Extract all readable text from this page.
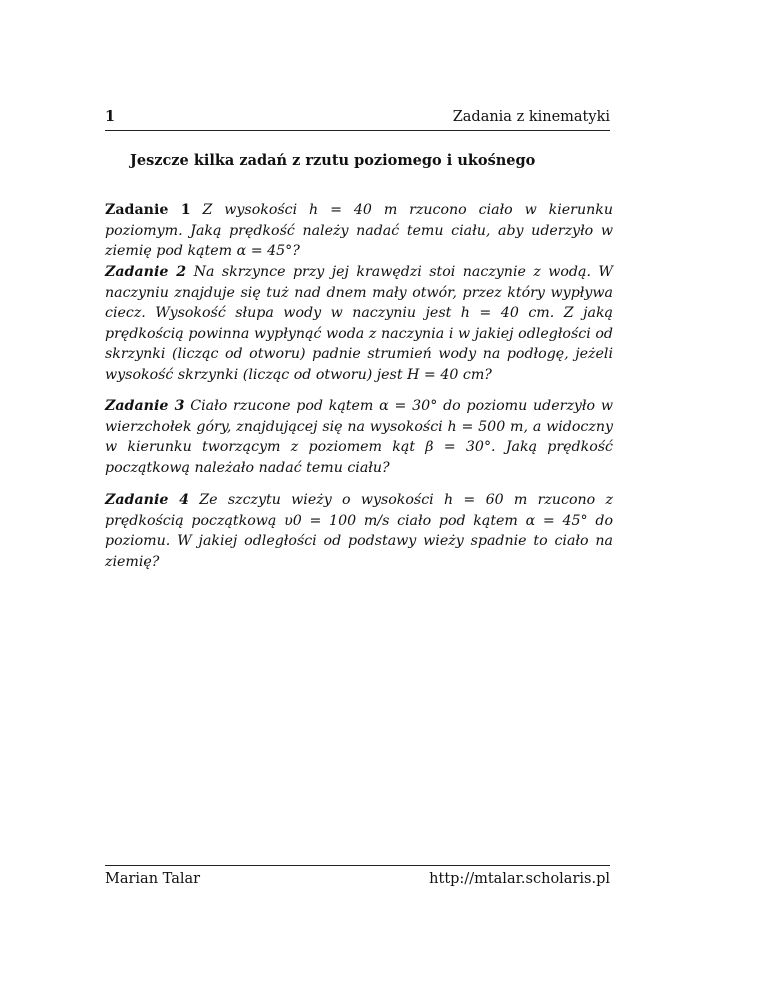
1	Zadania z kinematyki
Jeszcze kilka zadań z rzutu poziomego i ukośnego
Zadanie 1 Z wysokości h = 40 m rzucono ciało w kierunku poziomym. Jaką prędkość należy nadać temu ciału, aby uderzyło w ziemię pod kątem α = 45°?
Zadanie 2 Na skrzynce przy jej krawędzi stoi naczynie z wodą. W naczyniu znajduje się tuż nad dnem mały otwór, przez który wypływa ciecz. Wysokość słupa wody w naczyniu jest h = 40 cm. Z jaką prędkością powinna wypłynąć woda z naczynia i w jakiej odległości od skrzynki (licząc od otworu) padnie strumień wody na podłogę, jeżeli wysokość skrzynki (licząc od otworu) jest H = 40 cm?
Zadanie 3 Ciało rzucone pod kątem α = 30° do poziomu uderzyło w wierzchołek góry, znajdującej się na wysokości h = 500 m, a widoczny w kierunku tworzącym z poziomem kąt β = 30°. Jaką prędkość początkową należało nadać temu ciału?
Zadanie 4 Ze szczytu wieży o wysokości h = 60 m rzucono z prędkością początkową υ0 = 100 m/s ciało pod kątem α = 45° do poziomu. W jakiej odległości od podstawy wieży spadnie to ciało na ziemię?
Marian Talar	http://mtalar.scholaris.pl
